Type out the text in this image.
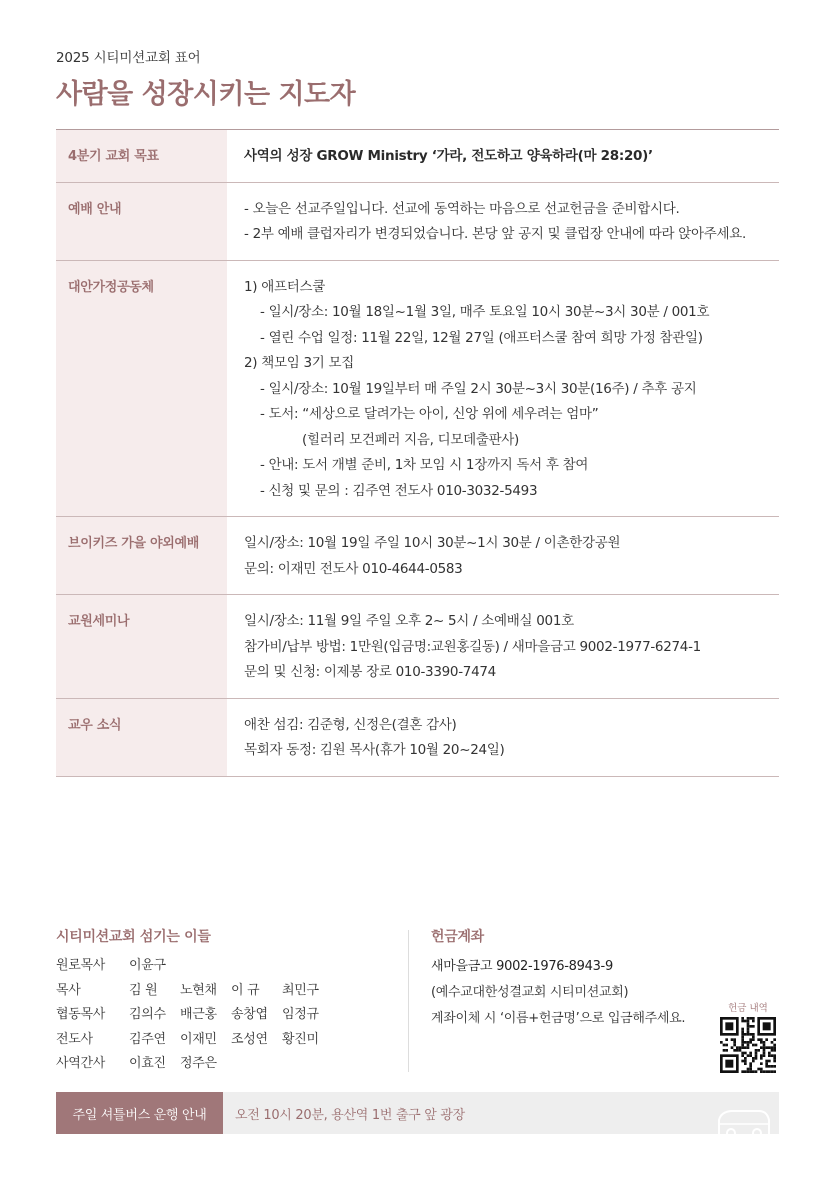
2025 시티미션교회 표어
사람을 성장시키는 지도자
4분기 교회 목표	사역의 성장 GROW Ministry ‘가라, 전도하고 양육하라(마 28:20)’
예배 안내	- 오늘은 선교주일입니다. 선교에 동역하는 마음으로 선교헌금을 준비합시다.
- 2부 예배 클럽자리가 변경되었습니다. 본당 앞 공지 및 클럽장 안내에 따라 앉아주세요.
대안가정공동체	1) 애프터스쿨
- 일시/장소: 10월 18일~1월 3일, 매주 토요일 10시 30분~3시 30분 / 001호
- 열린 수업 일정: 11월 22일, 12월 27일 (애프터스쿨 참여 희망 가정 참관일)
2) 책모임 3기 모집
- 일시/장소: 10월 19일부터 매 주일 2시 30분~3시 30분(16주) / 추후 공지
- 도서: “세상으로 달려가는 아이, 신앙 위에 세우려는 엄마”
(힐러리 모건페러 지음, 디모데출판사)
- 안내: 도서 개별 준비, 1차 모임 시 1장까지 독서 후 참여
- 신청 및 문의 : 김주연 전도사 010-3032-5493
브이키즈 가을 야외예배	일시/장소: 10월 19일 주일 10시 30분~1시 30분 / 이촌한강공원
문의: 이재민 전도사 010-4644-0583
교원세미나	일시/장소: 11월 9일 주일 오후 2~ 5시 / 소예배실 001호
참가비/납부 방법: 1만원(입금명:교원홍길동) / 새마을금고 9002-1977-6274-1
문의 및 신청: 이제봉 장로 010-3390-7474
교우 소식	애찬 섬김: 김준형, 신정은(결혼 감사)
목회자 동정: 김원 목사(휴가 10월 20~24일)
시티미션교회 섬기는 이들
원로목사	이윤구
목사	김 원	노현채	이 규	최민구
협동목사	김의수	배근홍	송창엽	임정규
전도사	김주연	이재민	조성연	황진미
사역간사	이효진	정주은
헌금계좌
새마을금고 9002-1976-8943-9
(예수교대한성결교회 시티미션교회)
계좌이체 시 ‘이름+헌금명’으로 입금해주세요.
헌금 내역
주일 셔틀버스 운행 안내	오전 10시 20분, 용산역 1번 출구 앞 광장
